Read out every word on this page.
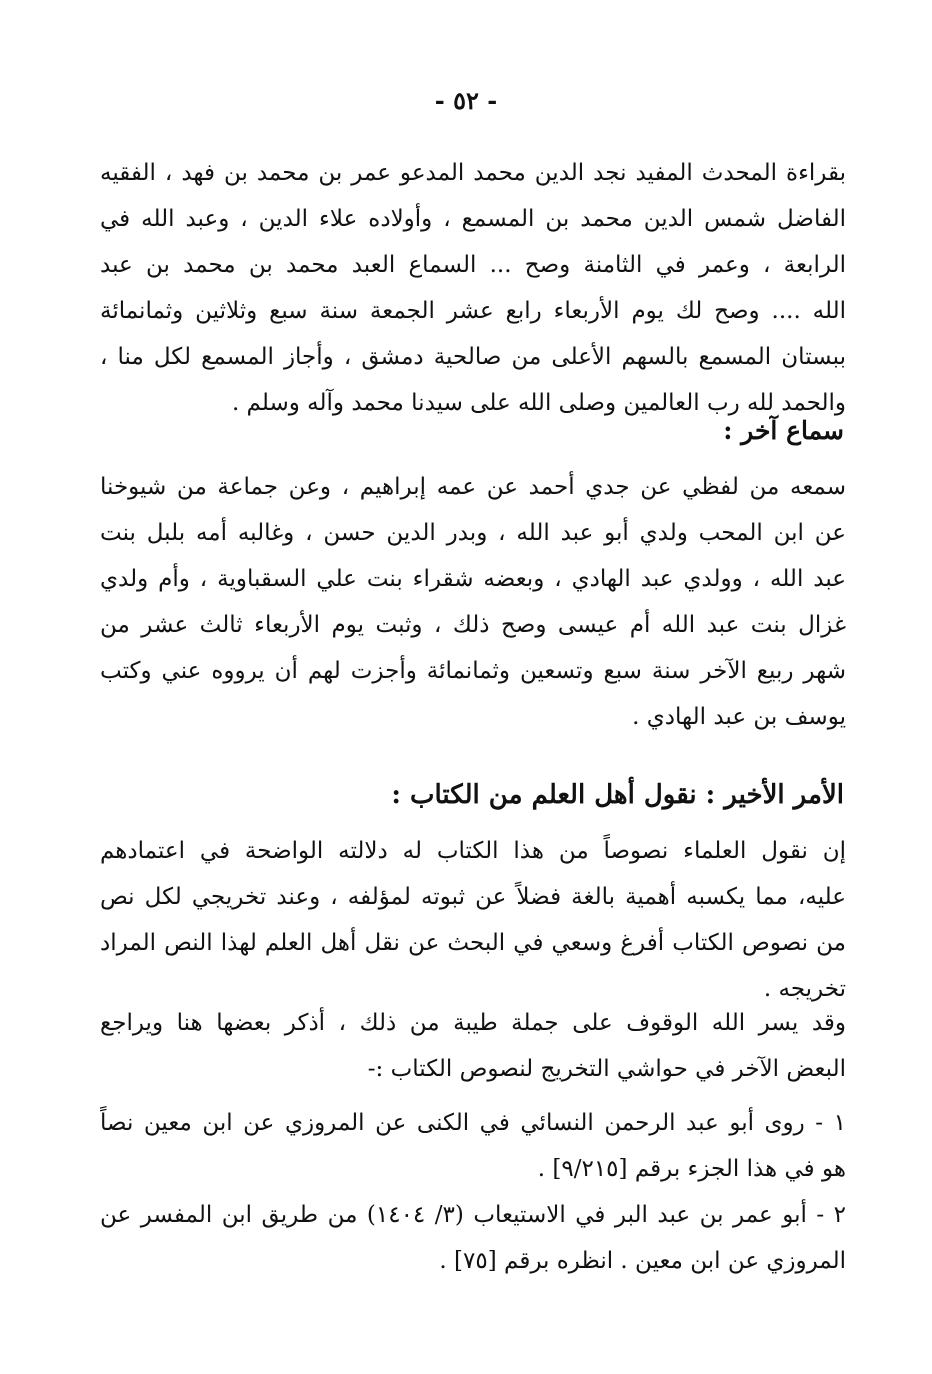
- ٥٢ -
بقراءة المحدث المفيد نجد الدين محمد المدعو عمر بن محمد بن فهد ، الفقيه
الفاضل شمس الدين محمد بن المسمع ، وأولاده علاء الدين ، وعبد الله في
الرابعة ، وعمر في الثامنة وصح ... السماع العبد محمد بن محمد بن عبد
الله .... وصح لك يوم الأربعاء رابع عشر الجمعة سنة سبع وثلاثين وثمانمائة
ببستان المسمع بالسهم الأعلى من صالحية دمشق ، وأجاز المسمع لكل منا ،
والحمد لله رب العالمين وصلى الله على سيدنا محمد وآله وسلم .
سماع آخر :
سمعه من لفظي عن جدي أحمد عن عمه إبراهيم ، وعن جماعة من شيوخنا
عن ابن المحب ولدي أبو عبد الله ، وبدر الدين حسن ، وغالبه أمه بلبل بنت
عبد الله ، وولدي عبد الهادي ، وبعضه شقراء بنت علي السقباوية ، وأم ولدي
غزال بنت عبد الله أم عيسى وصح ذلك ، وثبت يوم الأربعاء ثالث عشر من
شهر ربيع الآخر سنة سبع وتسعين وثمانمائة وأجزت لهم أن يرووه عني وكتب
يوسف بن عبد الهادي .
الأمر الأخير : نقول أهل العلم من الكتاب :
إن نقول العلماء نصوصاً من هذا الكتاب له دلالته الواضحة في اعتمادهم
عليه، مما يكسبه أهمية بالغة فضلاً عن ثبوته لمؤلفه ، وعند تخريجي لكل نص
من نصوص الكتاب أفرغ وسعي في البحث عن نقل أهل العلم لهذا النص المراد
تخريجه .
وقد يسر الله الوقوف على جملة طيبة من ذلك ، أذكر بعضها هنا ويراجع
البعض الآخر في حواشي التخريج لنصوص الكتاب :-
١ - روى أبو عبد الرحمن النسائي في الكنى عن المروزي عن ابن معين نصاً
هو في هذا الجزء برقم [٩/٢١٥] .
٢ - أبو عمر بن عبد البر في الاستيعاب (٣/ ١٤٠٤) من طريق ابن المفسر عن
المروزي عن ابن معين . انظره برقم [٧٥] .
